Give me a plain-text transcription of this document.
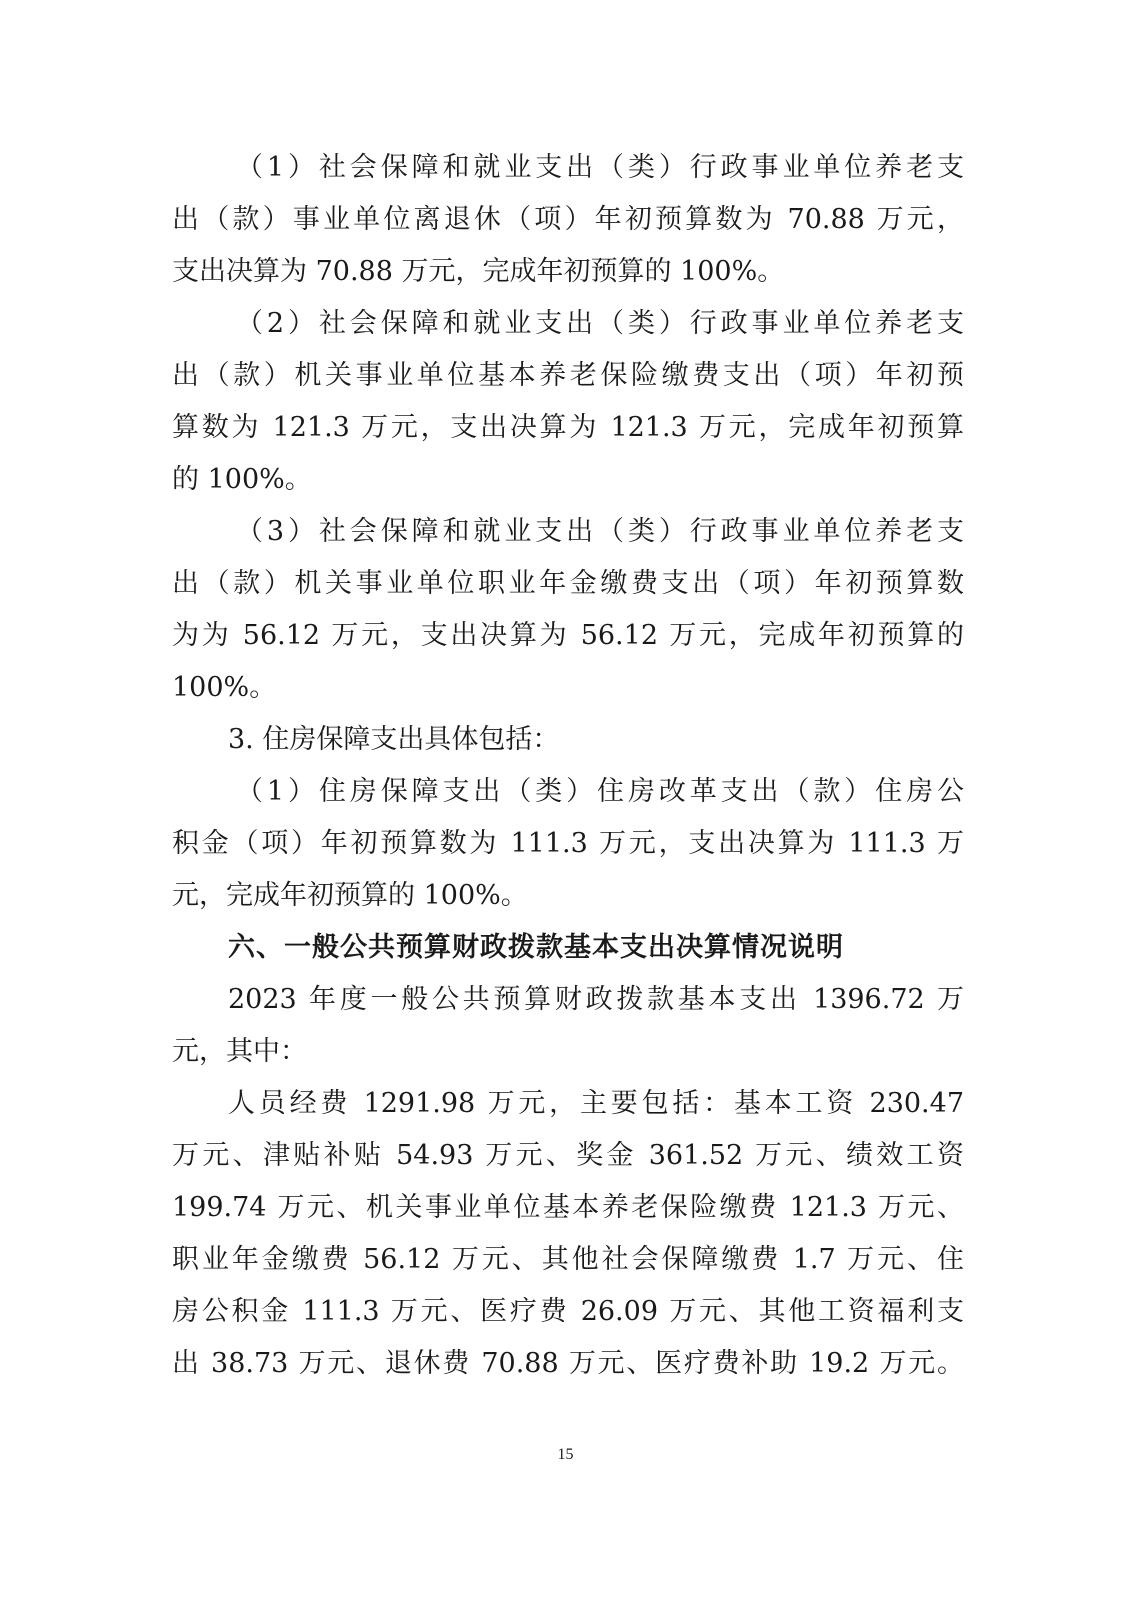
（1）社会保障和就业支出（类）行政事业单位养老支
出（款）事业单位离退休（项）年初预算数为 70.88 万元，
支出决算为 70.88 万元，完成年初预算的 100%。
（2）社会保障和就业支出（类）行政事业单位养老支
出（款）机关事业单位基本养老保险缴费支出（项）年初预
算数为 121.3 万元，支出决算为 121.3 万元，完成年初预算
的 100%。
（3）社会保障和就业支出（类）行政事业单位养老支
出（款）机关事业单位职业年金缴费支出（项）年初预算数
为为 56.12 万元，支出决算为 56.12 万元，完成年初预算的
100%。
3. 住房保障支出具体包括：
（1）住房保障支出（类）住房改革支出（款）住房公
积金（项）年初预算数为 111.3 万元，支出决算为 111.3 万
元，完成年初预算的 100%。
六、一般公共预算财政拨款基本支出决算情况说明
2023 年度一般公共预算财政拨款基本支出 1396.72 万
元，其中：
人员经费 1291.98 万元，主要包括：基本工资 230.47
万元、津贴补贴 54.93 万元、奖金 361.52 万元、绩效工资
199.74 万元、机关事业单位基本养老保险缴费 121.3 万元、
职业年金缴费 56.12 万元、其他社会保障缴费 1.7 万元、住
房公积金 111.3 万元、医疗费 26.09 万元、其他工资福利支
出 38.73 万元、退休费 70.88 万元、医疗费补助 19.2 万元。
15
